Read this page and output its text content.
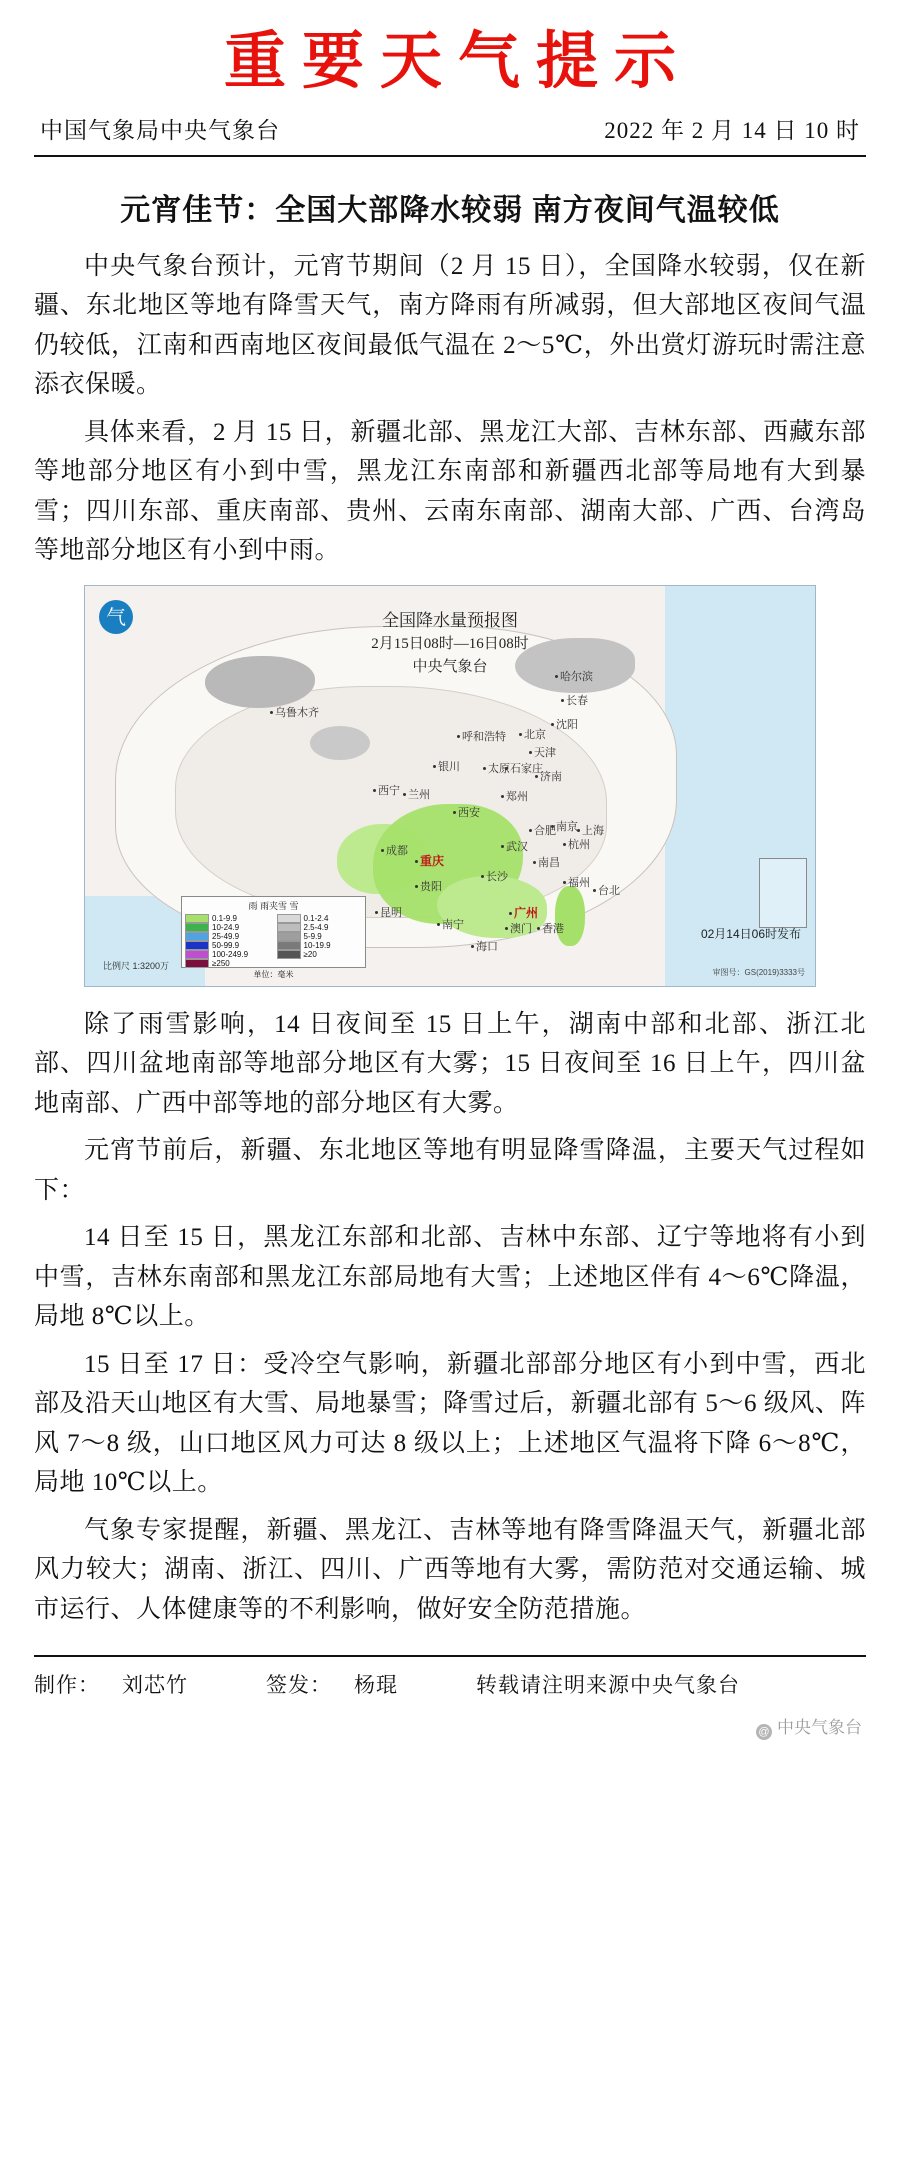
重要天气提示
中国气象局中央气象台	2022 年 2 月 14 日 10 时
元宵佳节：全国大部降水较弱 南方夜间气温较低

中央气象台预计，元宵节期间（2 月 15 日），全国降水较弱，仅在新疆、东北地区等地有降雪天气，南方降雨有所减弱，但大部地区夜间气温仍较低，江南和西南地区夜间最低气温在 2～5℃，外出赏灯游玩时需注意添衣保暖。

具体来看，2 月 15 日，新疆北部、黑龙江大部、吉林东部、西藏东部等地部分地区有小到中雪，黑龙江东南部和新疆西北部等局地有大到暴雪；四川东部、重庆南部、贵州、云南东南部、湖南大部、广西、台湾岛等地部分地区有小到中雨。

气	全国降水量预报图
2月15日08时—16日08时
中央气象台
乌鲁木齐
哈尔滨
长春
沈阳
呼和浩特	北京
天津
银川	太原 石家庄
济南
西宁 兰州	郑州
西安
合肥 南京 上海
成都	武汉	杭州
重庆	南昌
长沙
贵阳	福州
台北
昆明
南宁
广州
澳门 香港
海口
雨 雨夹雪 雪
0.1-9.9
10-24.9
25-49.9
50-99.9
100-249.9
≥250
0.1-2.4
2.5-4.9
5-9.9
10-19.9
≥20
单位：毫米
02月14日06时发布
比例尺 1:3200万
审图号：GS(2019)3333号

除了雨雪影响，14 日夜间至 15 日上午，湖南中部和北部、浙江北部、四川盆地南部等地部分地区有大雾；15 日夜间至 16 日上午，四川盆地南部、广西中部等地的部分地区有大雾。

元宵节前后，新疆、东北地区等地有明显降雪降温，主要天气过程如下：

14 日至 15 日，黑龙江东部和北部、吉林中东部、辽宁等地将有小到中雪，吉林东南部和黑龙江东部局地有大雪；上述地区伴有 4～6℃降温，局地 8℃以上。

15 日至 17 日：受冷空气影响，新疆北部部分地区有小到中雪，西北部及沿天山地区有大雪、局地暴雪；降雪过后，新疆北部有 5～6 级风、阵风 7～8 级，山口地区风力可达 8 级以上；上述地区气温将下降 6～8℃，局地 10℃以上。

气象专家提醒，新疆、黑龙江、吉林等地有降雪降温天气，新疆北部风力较大；湖南、浙江、四川、广西等地有大雾，需防范对交通运输、城市运行、人体健康等的不利影响，做好安全防范措施。

制作： 刘芯竹	签发： 杨琨	转载请注明来源中央气象台
@ 中央气象台
